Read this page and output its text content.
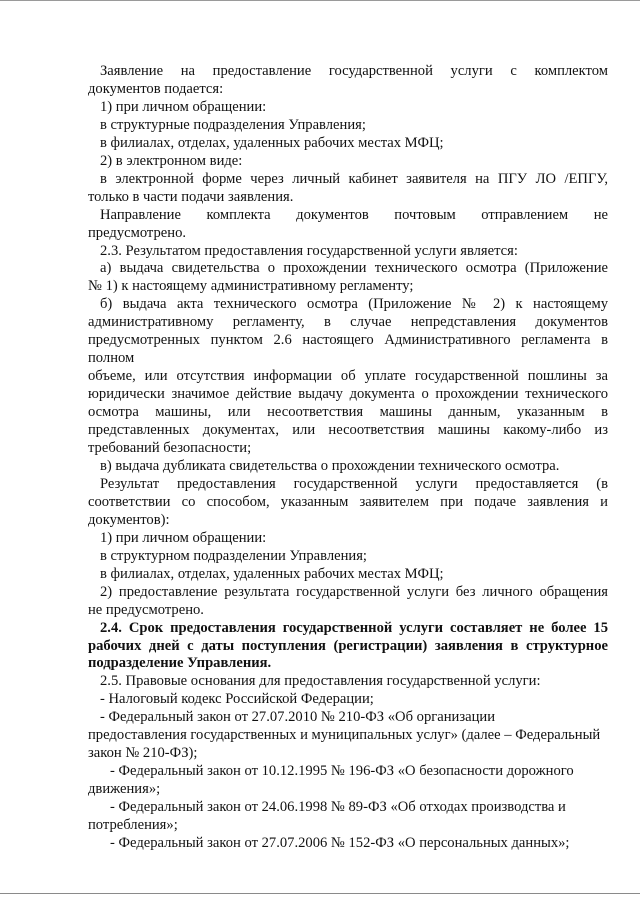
Заявление на предоставление государственной услуги с комплектом

документов подается:

1) при личном обращении:

в структурные подразделения Управления;

в филиалах, отделах, удаленных рабочих местах МФЦ;

2) в электронном виде:

в электронной форме через личный кабинет заявителя на ПГУ ЛО /ЕПГУ,

только в части подачи заявления.

Направление комплекта документов почтовым отправлением не

предусмотрено.

2.3. Результатом предоставления государственной услуги является:

а) выдача свидетельства о прохождении технического осмотра (Приложение

№ 1) к настоящему административному регламенту;

б) выдача акта технического осмотра (Приложение № 2) к настоящему

административному регламенту, в случае непредставления документов

предусмотренных пунктом 2.6 настоящего Административного регламента в полном

объеме, или отсутствия информации об уплате государственной пошлины за

юридически значимое действие выдачу документа о прохождении технического

осмотра машины, или несоответствия машины данным, указанным в

представленных документах, или несоответствия машины какому-либо из

требований безопасности;

в) выдача дубликата свидетельства о прохождении технического осмотра.

Результат предоставления государственной услуги предоставляется (в

соответствии со способом, указанным заявителем при подаче заявления и

документов):

1) при личном обращении:

в структурном подразделении Управления;

в филиалах, отделах, удаленных рабочих местах МФЦ;

2) предоставление результата государственной услуги без личного обращения

не предусмотрено.

2.4. Срок предоставления государственной услуги составляет не более 15

рабочих дней с даты поступления (регистрации) заявления в структурное

подразделение Управления.

2.5. Правовые основания для предоставления государственной услуги:

- Налоговый кодекс Российской Федерации;

- Федеральный закон от 27.07.2010 № 210-ФЗ «Об организации

предоставления государственных и муниципальных услуг» (далее – Федеральный

закон № 210-ФЗ);

- Федеральный закон от 10.12.1995 № 196-ФЗ «О безопасности дорожного

движения»;

- Федеральный закон от 24.06.1998 № 89-ФЗ «Об отходах производства и

потребления»;

- Федеральный закон от 27.07.2006 № 152-ФЗ «О персональных данных»;
